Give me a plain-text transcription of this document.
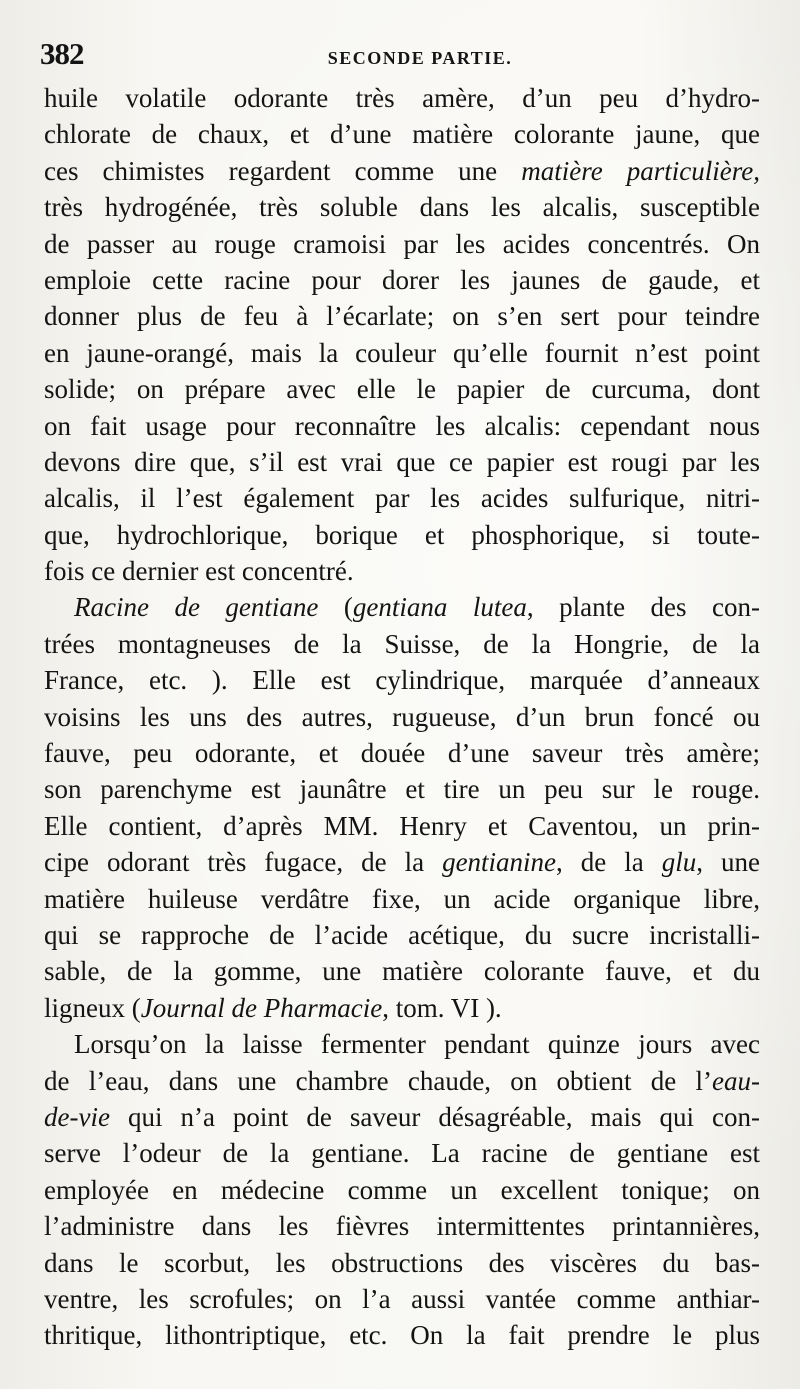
382	SECONDE PARTIE.
huile volatile odorante très amère, d’un peu d’hydro-
chlorate de chaux, et d’une matière colorante jaune, que
ces chimistes regardent comme une matière particulière,
très hydrogénée, très soluble dans les alcalis, susceptible
de passer au rouge cramoisi par les acides concentrés. On
emploie cette racine pour dorer les jaunes de gaude, et
donner plus de feu à l’écarlate; on s’en sert pour teindre
en jaune-orangé, mais la couleur qu’elle fournit n’est point
solide; on prépare avec elle le papier de curcuma, dont
on fait usage pour reconnaître les alcalis: cependant nous
devons dire que, s’il est vrai que ce papier est rougi par les
alcalis, il l’est également par les acides sulfurique, nitri-
que, hydrochlorique, borique et phosphorique, si toute-
fois ce dernier est concentré.
Racine de gentiane (gentiana lutea, plante des con-
trées montagneuses de la Suisse, de la Hongrie, de la
France, etc. ). Elle est cylindrique, marquée d’anneaux
voisins les uns des autres, rugueuse, d’un brun foncé ou
fauve, peu odorante, et douée d’une saveur très amère;
son parenchyme est jaunâtre et tire un peu sur le rouge.
Elle contient, d’après MM. Henry et Caventou, un prin-
cipe odorant très fugace, de la gentianine, de la glu, une
matière huileuse verdâtre fixe, un acide organique libre,
qui se rapproche de l’acide acétique, du sucre incristalli-
sable, de la gomme, une matière colorante fauve, et du
ligneux (Journal de Pharmacie, tom. VI ).
Lorsqu’on la laisse fermenter pendant quinze jours avec
de l’eau, dans une chambre chaude, on obtient de l’eau-
de-vie qui n’a point de saveur désagréable, mais qui con-
serve l’odeur de la gentiane. La racine de gentiane est
employée en médecine comme un excellent tonique; on
l’administre dans les fièvres intermittentes printannières,
dans le scorbut, les obstructions des viscères du bas-
ventre, les scrofules; on l’a aussi vantée comme anthiar-
thritique, lithontriptique, etc. On la fait prendre le plus
